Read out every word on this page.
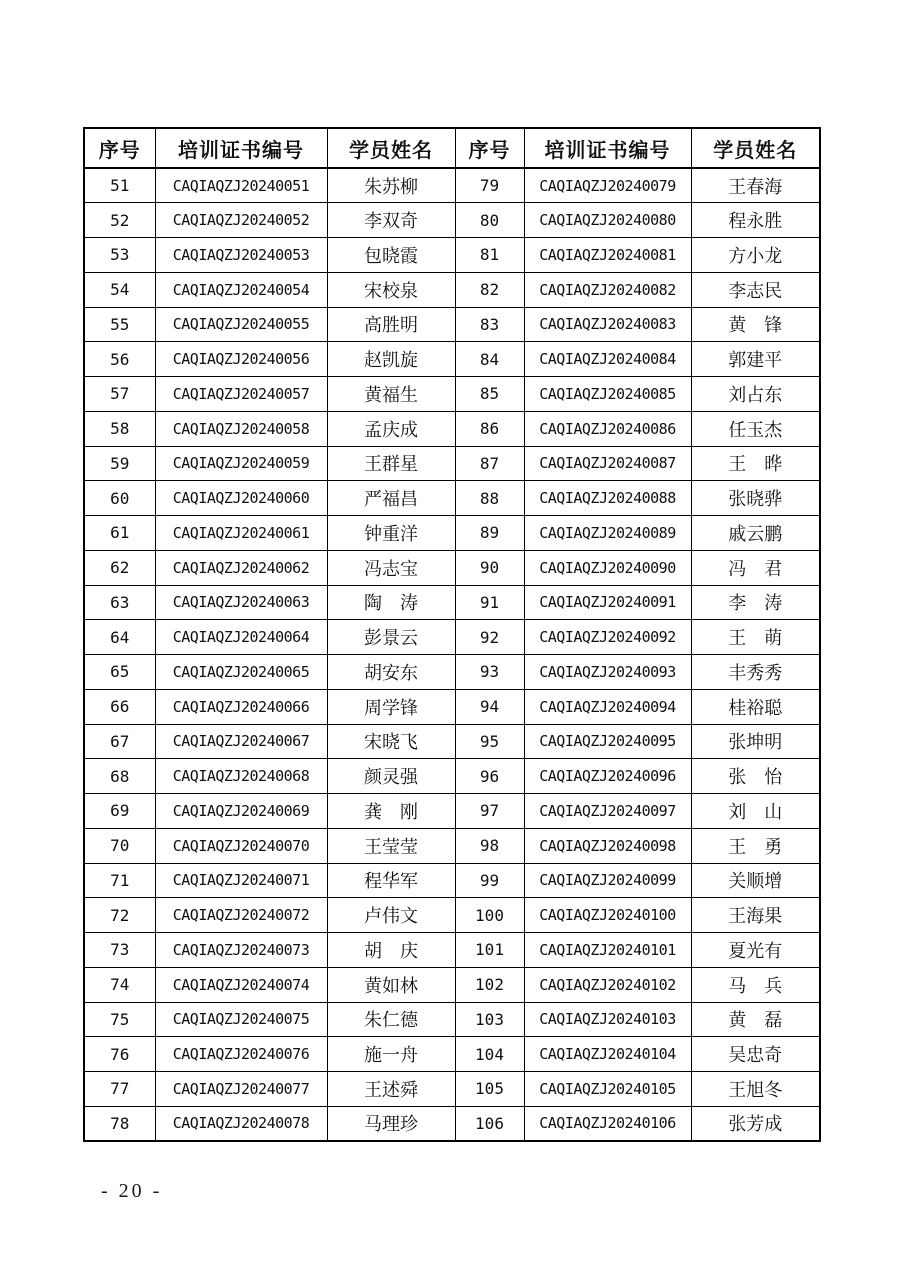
序号	培训证书编号	学员姓名	序号	培训证书编号	学员姓名
51	CAQIAQZJ20240051	朱苏柳	79	CAQIAQZJ20240079	王春海
52	CAQIAQZJ20240052	李双奇	80	CAQIAQZJ20240080	程永胜
53	CAQIAQZJ20240053	包晓霞	81	CAQIAQZJ20240081	方小龙
54	CAQIAQZJ20240054	宋校泉	82	CAQIAQZJ20240082	李志民
55	CAQIAQZJ20240055	高胜明	83	CAQIAQZJ20240083	黄　锋
56	CAQIAQZJ20240056	赵凯旋	84	CAQIAQZJ20240084	郭建平
57	CAQIAQZJ20240057	黄福生	85	CAQIAQZJ20240085	刘占东
58	CAQIAQZJ20240058	孟庆成	86	CAQIAQZJ20240086	任玉杰
59	CAQIAQZJ20240059	王群星	87	CAQIAQZJ20240087	王　晔
60	CAQIAQZJ20240060	严福昌	88	CAQIAQZJ20240088	张晓骅
61	CAQIAQZJ20240061	钟重洋	89	CAQIAQZJ20240089	戚云鹏
62	CAQIAQZJ20240062	冯志宝	90	CAQIAQZJ20240090	冯　君
63	CAQIAQZJ20240063	陶　涛	91	CAQIAQZJ20240091	李　涛
64	CAQIAQZJ20240064	彭景云	92	CAQIAQZJ20240092	王　萌
65	CAQIAQZJ20240065	胡安东	93	CAQIAQZJ20240093	丰秀秀
66	CAQIAQZJ20240066	周学锋	94	CAQIAQZJ20240094	桂裕聪
67	CAQIAQZJ20240067	宋晓飞	95	CAQIAQZJ20240095	张坤明
68	CAQIAQZJ20240068	颜灵强	96	CAQIAQZJ20240096	张　怡
69	CAQIAQZJ20240069	龚　刚	97	CAQIAQZJ20240097	刘　山
70	CAQIAQZJ20240070	王莹莹	98	CAQIAQZJ20240098	王　勇
71	CAQIAQZJ20240071	程华军	99	CAQIAQZJ20240099	关顺增
72	CAQIAQZJ20240072	卢伟文	100	CAQIAQZJ20240100	王海果
73	CAQIAQZJ20240073	胡　庆	101	CAQIAQZJ20240101	夏光有
74	CAQIAQZJ20240074	黄如林	102	CAQIAQZJ20240102	马　兵
75	CAQIAQZJ20240075	朱仁德	103	CAQIAQZJ20240103	黄　磊
76	CAQIAQZJ20240076	施一舟	104	CAQIAQZJ20240104	吴忠奇
77	CAQIAQZJ20240077	王述舜	105	CAQIAQZJ20240105	王旭冬
78	CAQIAQZJ20240078	马理珍	106	CAQIAQZJ20240106	张芳成
- 20 -
